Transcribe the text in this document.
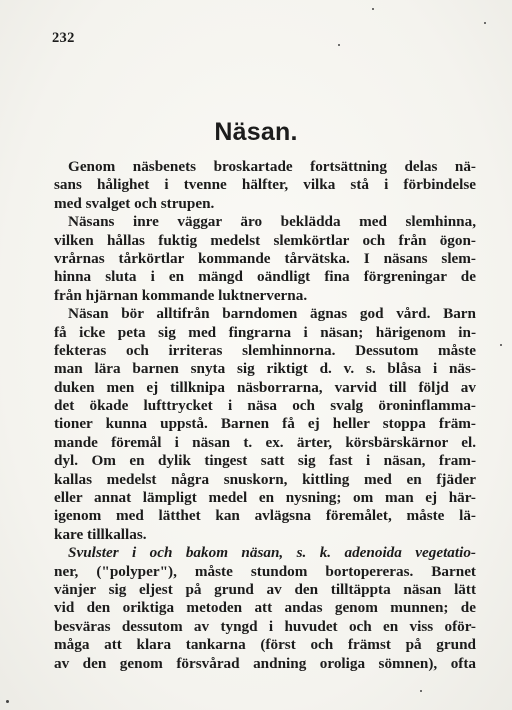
232
Näsan.
Genom näsbenets broskartade fortsättning delas nä-
sans hålighet i tvenne hälfter, vilka stå i förbindelse
med svalget och strupen.
Näsans inre väggar äro beklädda med slemhinna,
vilken hållas fuktig medelst slemkörtlar och från ögon-
vrårnas tårkörtlar kommande tårvätska. I näsans slem-
hinna sluta i en mängd oändligt fina förgreningar de
från hjärnan kommande luktnerverna.
Näsan bör alltifrån barndomen ägnas god vård. Barn
få icke peta sig med fingrarna i näsan; härigenom in-
fekteras och irriteras slemhinnorna. Dessutom måste
man lära barnen snyta sig riktigt d. v. s. blåsa i näs-
duken men ej tillknipa näsborrarna, varvid till följd av
det ökade lufttrycket i näsa och svalg öroninflamma-
tioner kunna uppstå. Barnen få ej heller stoppa främ-
mande föremål i näsan t. ex. ärter, körsbärskärnor el.
dyl. Om en dylik tingest satt sig fast i näsan, fram-
kallas medelst några snuskorn, kittling med en fjäder
eller annat lämpligt medel en nysning; om man ej här-
igenom med lätthet kan avlägsna föremålet, måste lä-
kare tillkallas.
Svulster i och bakom näsan, s. k. adenoida vegetatio-
ner, ("polyper"), måste stundom bortopereras. Barnet
vänjer sig eljest på grund av den tilltäppta näsan lätt
vid den oriktiga metoden att andas genom munnen; de
besväras dessutom av tyngd i huvudet och en viss oför-
måga att klara tankarna (först och främst på grund
av den genom försvårad andning oroliga sömnen), ofta
